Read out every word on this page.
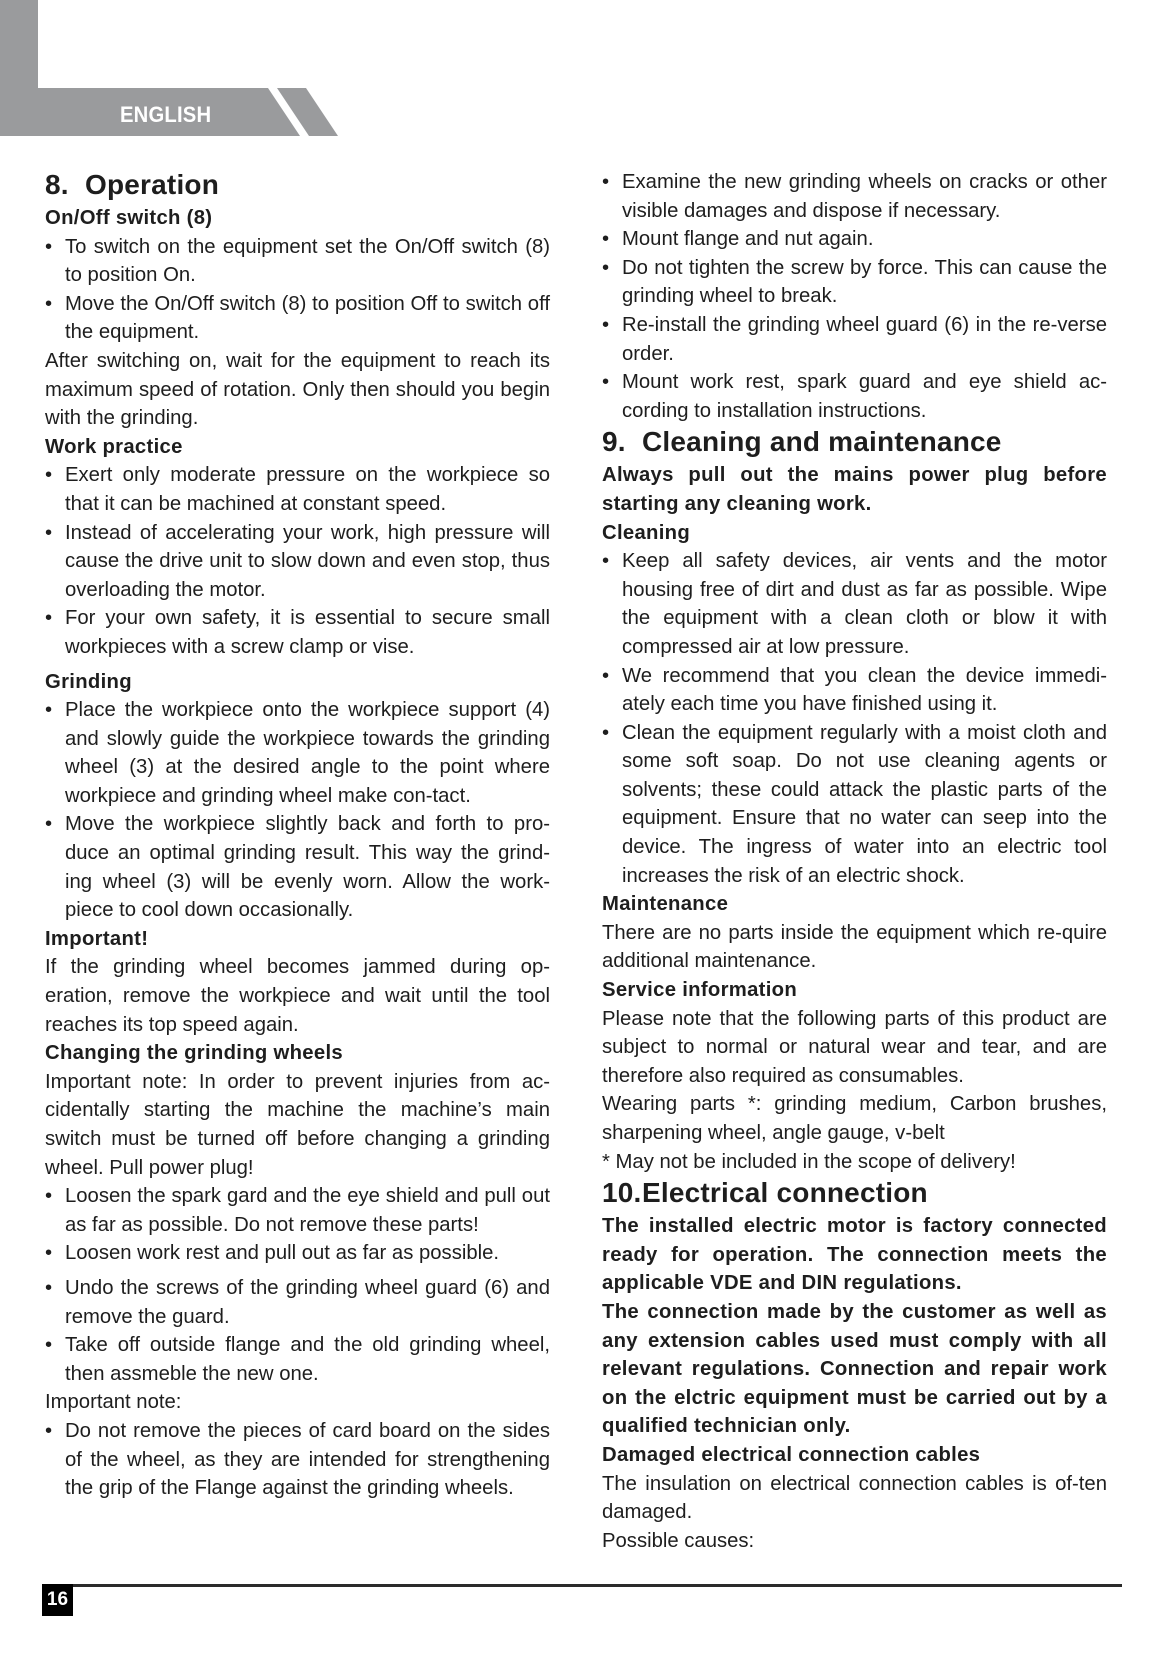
ENGLISH
8. Operation
On/Off switch (8)
• To switch on the equipment set the On/Off switch (8) to position On.
• Move the On/Off switch (8) to position Off to switch off the equipment.

After switching on, wait for the equipment to reach its maximum speed of rotation. Only then should you begin with the grinding.

Work practice
• Exert only moderate pressure on the workpiece so that it can be machined at constant speed.
• Instead of accelerating your work, high pressure will cause the drive unit to slow down and even stop, thus overloading the motor.
• For your own safety, it is essential to secure small workpieces with a screw clamp or vise.
Grinding
• Place the workpiece onto the workpiece support (4) and slowly guide the workpiece towards the grinding wheel (3) at the desired angle to the point where workpiece and grinding wheel make con-tact.
• Move the workpiece slightly back and forth to pro-duce an optimal grinding result. This way the grind-ing wheel (3) will be evenly worn. Allow the work-piece to cool down occasionally.
Important!

If the grinding wheel becomes jammed during op-eration, remove the workpiece and wait until the tool reaches its top speed again.

Changing the grinding wheels

Important note: In order to prevent injuries from ac-cidentally starting the machine the machine’s main switch must be turned off before changing a grinding wheel. Pull power plug!

• Loosen the spark gard and the eye shield and pull out as far as possible. Do not remove these parts!
• Loosen work rest and pull out as far as possible.
• Undo the screws of the grinding wheel guard (6) and remove the guard.
• Take off outside flange and the old grinding wheel, then assmeble the new one.

Important note:

• Do not remove the pieces of card board on the sides of the wheel, as they are intended for strengthening the grip of the Flange against the grinding wheels.
• Examine the new grinding wheels on cracks or other visible damages and dispose if necessary.
• Mount flange and nut again.
• Do not tighten the screw by force. This can cause the grinding wheel to break.
• Re-install the grinding wheel guard (6) in the re-verse order.
• Mount work rest, spark guard and eye shield ac-cording to installation instructions.
9. Cleaning and maintenance

Always pull out the mains power plug before starting any cleaning work.

Cleaning
• Keep all safety devices, air vents and the motor housing free of dirt and dust as far as possible. Wipe the equipment with a clean cloth or blow it with compressed air at low pressure.
• We recommend that you clean the device immedi-ately each time you have finished using it.
• Clean the equipment regularly with a moist cloth and some soft soap. Do not use cleaning agents or solvents; these could attack the plastic parts of the equipment. Ensure that no water can seep into the device. The ingress of water into an electric tool increases the risk of an electric shock.
Maintenance

There are no parts inside the equipment which re-quire additional maintenance.

Service information

Please note that the following parts of this product are subject to normal or natural wear and tear, and are therefore also required as consumables.

Wearing parts *: grinding medium, Carbon brushes, sharpening wheel, angle gauge, v-belt

* May not be included in the scope of delivery!

10.Electrical connection

The installed electric motor is factory connected ready for operation. The connection meets the applicable VDE and DIN regulations.

The connection made by the customer as well as any extension cables used must comply with all relevant regulations. Connection and repair work on the elctric equipment must be carried out by a qualified technician only.

Damaged electrical connection cables

The insulation on electrical connection cables is of-ten damaged.

Possible causes:

16
